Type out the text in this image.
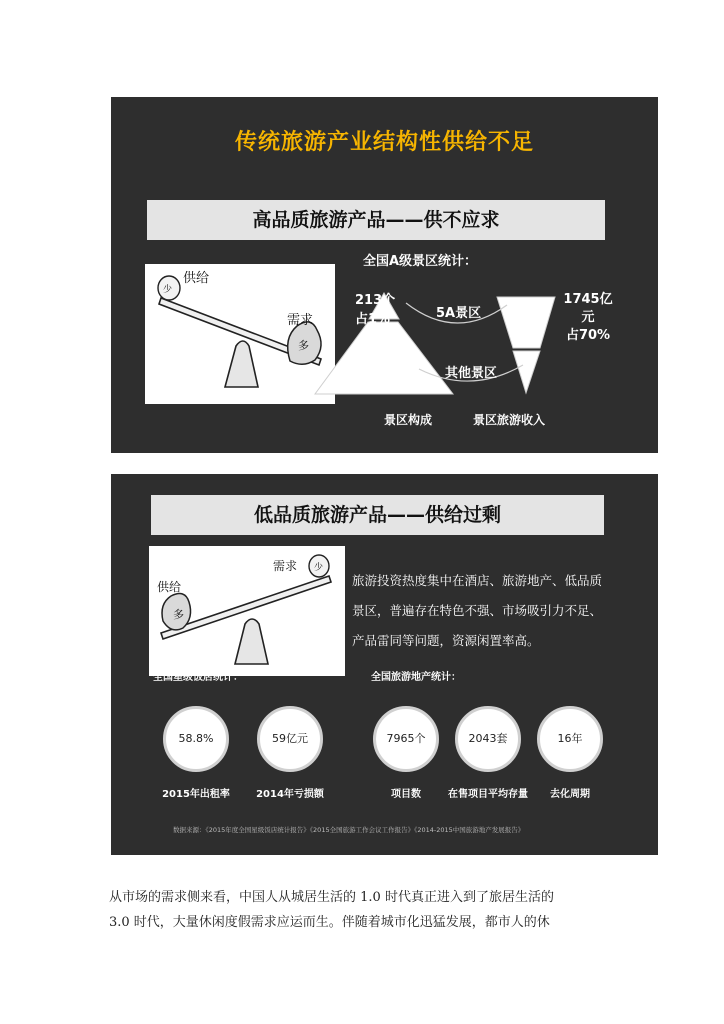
传统旅游产业结构性供给不足
高品质旅游产品——供不应求
少
多
供给
需求
全国A级景区统计：
213个
占1%	5A景区
其他景区
1745亿
元
占70%
景区构成	景区旅游收入
低品质旅游产品——供给过剩
多
少
供给
需求
旅游投资热度集中在酒店、旅游地产、低品质景区，普遍存在特色不强、市场吸引力不足、产品雷同等问题，资源闲置率高。
全国星级饭店统计：	全国旅游地产统计：
58.8%	59亿元	7965个	2043套	16年
2015年出租率	2014年亏损额	项目数	在售项目平均存量	去化周期
数据来源：《2015年度全国星级饭店统计报告》《2015全国旅游工作会议工作报告》《2014-2015中国旅游地产发展报告》
从市场的需求侧来看，中国人从城居生活的 1.0 时代真正进入到了旅居生活的
3.0 时代，大量休闲度假需求应运而生。伴随着城市化迅猛发展，都市人的休
